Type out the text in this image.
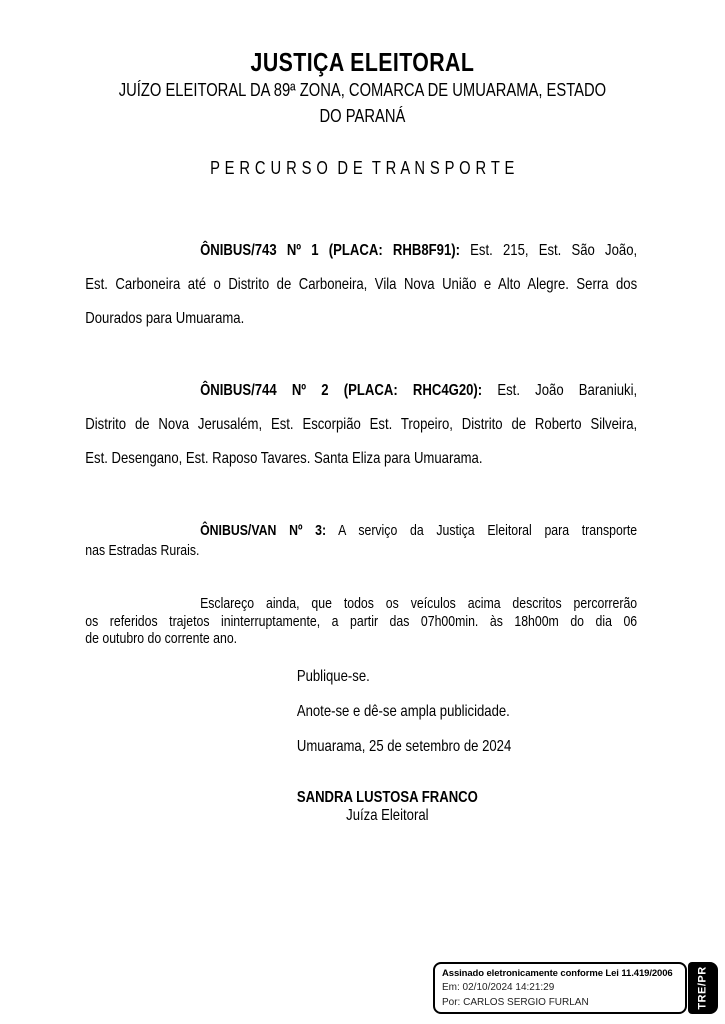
JUSTIÇA ELEITORAL
JUÍZO ELEITORAL DA 89ª ZONA, COMARCA DE UMUARAMA, ESTADO
DO PARANÁ
P E R C U R S O  D E  T R A N S P O R T E
ÔNIBUS/743 Nº 1 (PLACA: RHB8F91): Est. 215, Est. São João,
Est. Carboneira até o Distrito de Carboneira, Vila Nova União e Alto Alegre. Serra dos
Dourados para Umuarama.
ÔNIBUS/744 Nº 2 (PLACA: RHC4G20): Est. João Baraniuki,
Distrito de Nova Jerusalém, Est. Escorpião Est. Tropeiro, Distrito de Roberto Silveira,
Est. Desengano, Est. Raposo Tavares. Santa Eliza para Umuarama.
ÔNIBUS/VAN Nº 3: A serviço da Justiça Eleitoral para transporte
nas Estradas Rurais.
Esclareço ainda, que todos os veículos acima descritos percorrerão
os referidos trajetos ininterruptamente, a partir das 07h00min. às 18h00m do dia 06
de outubro do corrente ano.
Publique-se.
Anote-se e dê-se ampla publicidade.
Umuarama, 25 de setembro de 2024
SANDRA LUSTOSA FRANCO
Juíza Eleitoral
Assinado eletronicamente conforme Lei 11.419/2006
Em: 02/10/2024 14:21:29
Por: CARLOS SERGIO FURLAN	TRE/PR
